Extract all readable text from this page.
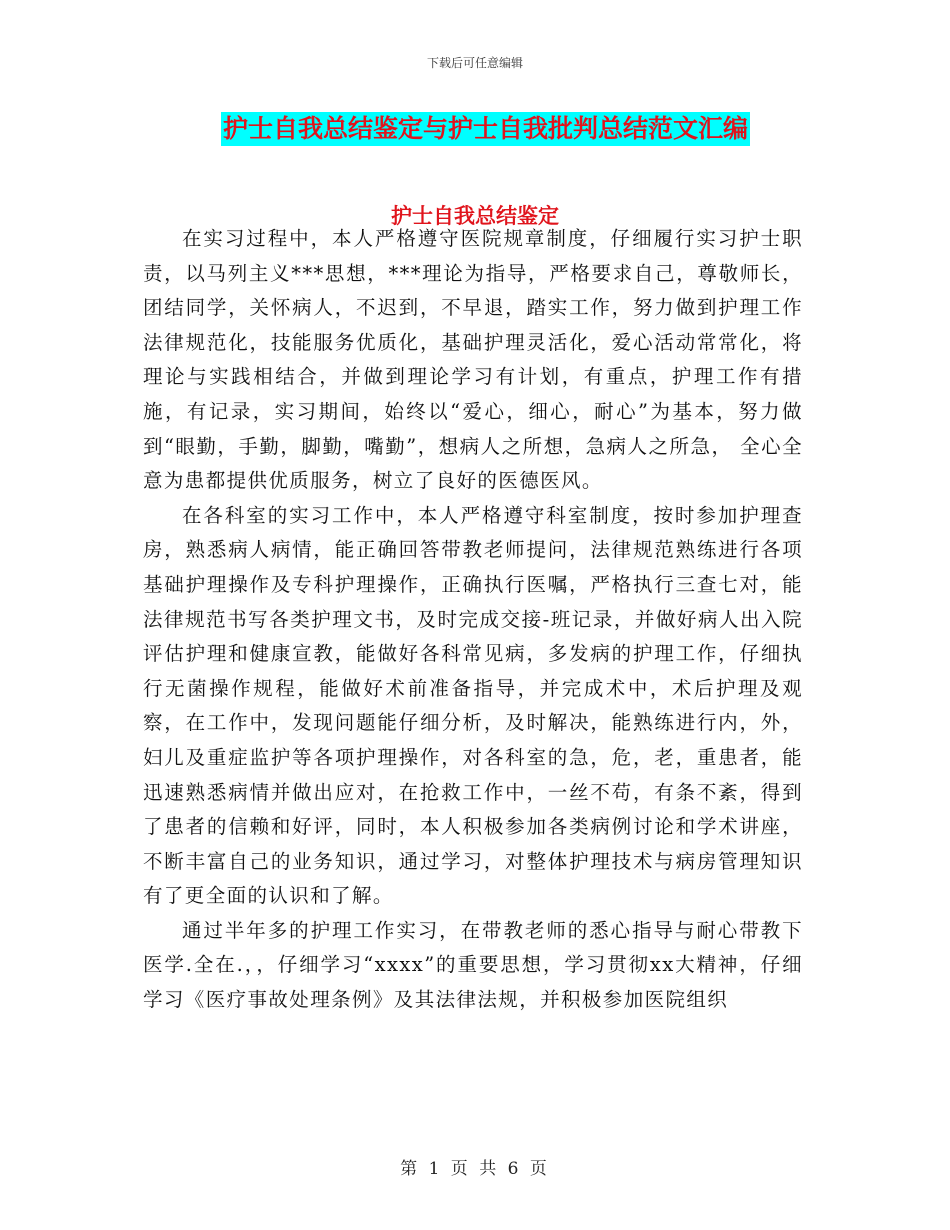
下载后可任意编辑
护士自我总结鉴定与护士自我批判总结范文汇编
护士自我总结鉴定

在实习过程中，本人严格遵守医院规章制度，仔细履行实习护士职责，以马列主义***思想，***理论为指导，严格要求自己，尊敬师长，团结同学，关怀病人，不迟到，不早退，踏实工作，努力做到护理工作法律规范化，技能服务优质化，基础护理灵活化，爱心活动常常化，将理论与实践相结合，并做到理论学习有计划，有重点，护理工作有措施，有记录，实习期间，始终以“爱心，细心，耐心”为基本，努力做到“眼勤，手勤，脚勤，嘴勤”，想病人之所想，急病人之所急， 全心全意为患都提供优质服务，树立了良好的医德医风。

在各科室的实习工作中，本人严格遵守科室制度，按时参加护理查房，熟悉病人病情，能正确回答带教老师提问，法律规范熟练进行各项基础护理操作及专科护理操作，正确执行医嘱，严格执行三查七对，能法律规范书写各类护理文书，及时完成交接-班记录，并做好病人出入院评估护理和健康宣教，能做好各科常见病，多发病的护理工作，仔细执行无菌操作规程，能做好术前准备指导，并完成术中，术后护理及观察，在工作中，发现问题能仔细分析，及时解决，能熟练进行内，外，妇儿及重症监护等各项护理操作，对各科室的急，危，老，重患者，能迅速熟悉病情并做出应对，在抢救工作中，一丝不苟，有条不紊，得到了患者的信赖和好评，同时，本人积极参加各类病例讨论和学术讲座，不断丰富自己的业务知识，通过学习，对整体护理技术与病房管理知识有了更全面的认识和了解。

通过半年多的护理工作实习，在带教老师的悉心指导与耐心带教下医学.全在.，，仔细学习“xxxx”的重要思想，学习贯彻xx大精神，仔细学习《医疗事故处理条例》及其法律法规，并积极参加医院组织

第 1 页 共 6 页
